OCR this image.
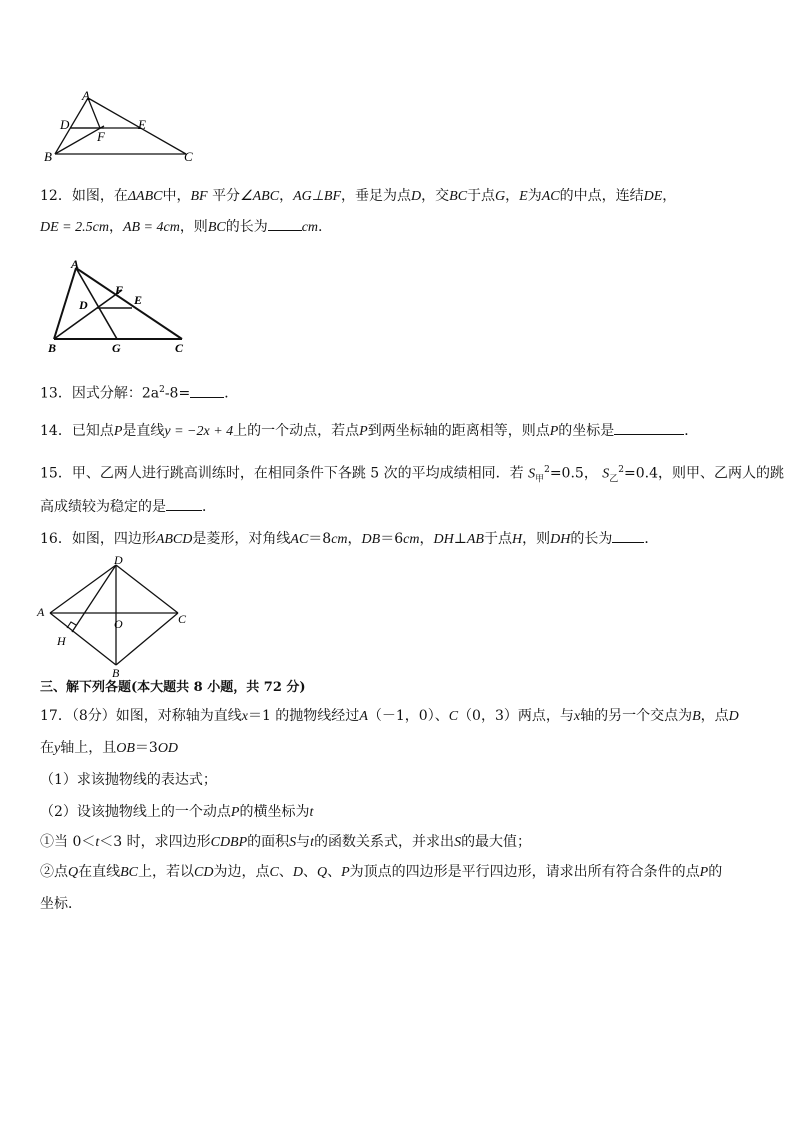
A
D	E
F
B	C
12．如图，在ΔABC中，BF 平分∠ABC，AG⊥BF，垂足为点D，交BC于点G，E为AC的中点，连结DE，
DE = 2.5cm，AB = 4cm，则BC的长为 cm.
A
D
F
E
B	G	C
13．因式分解：$2a^2-8=$ ．
14．已知点P是直线y = −2x + 4上的一个动点，若点P到两坐标轴的距离相等，则点P的坐标是	．
15．甲、乙两人进行跳高训练时，在相同条件下各跳 5 次的平均成绩相同．若 $S_甲^2=0.5$， $S_乙^2=0.4$，则甲、乙两人的跳
高成绩较为稳定的是	．
16．如图，四边形ABCD是菱形，对角线AC＝8cm，DB＝6cm，DH⊥AB于点H，则DH的长为 ．
D
A	C
O
H
B
三、解下列各题(本大题共 8 小题，共 72 分)
17．（8分）如图，对称轴为直线x＝1 的抛物线经过A（－1，0）、C（0，3）两点，与x轴的另一个交点为B，点D
在y轴上，且OB＝3OD
（1）求该抛物线的表达式；
（2）设该抛物线上的一个动点P的横坐标为t
①当 0＜t＜3 时，求四边形CDBP的面积S与t的函数关系式，并求出S的最大值；
②点Q在直线BC上，若以CD为边，点C、D、Q、P为顶点的四边形是平行四边形，请求出所有符合条件的点P的
坐标．
